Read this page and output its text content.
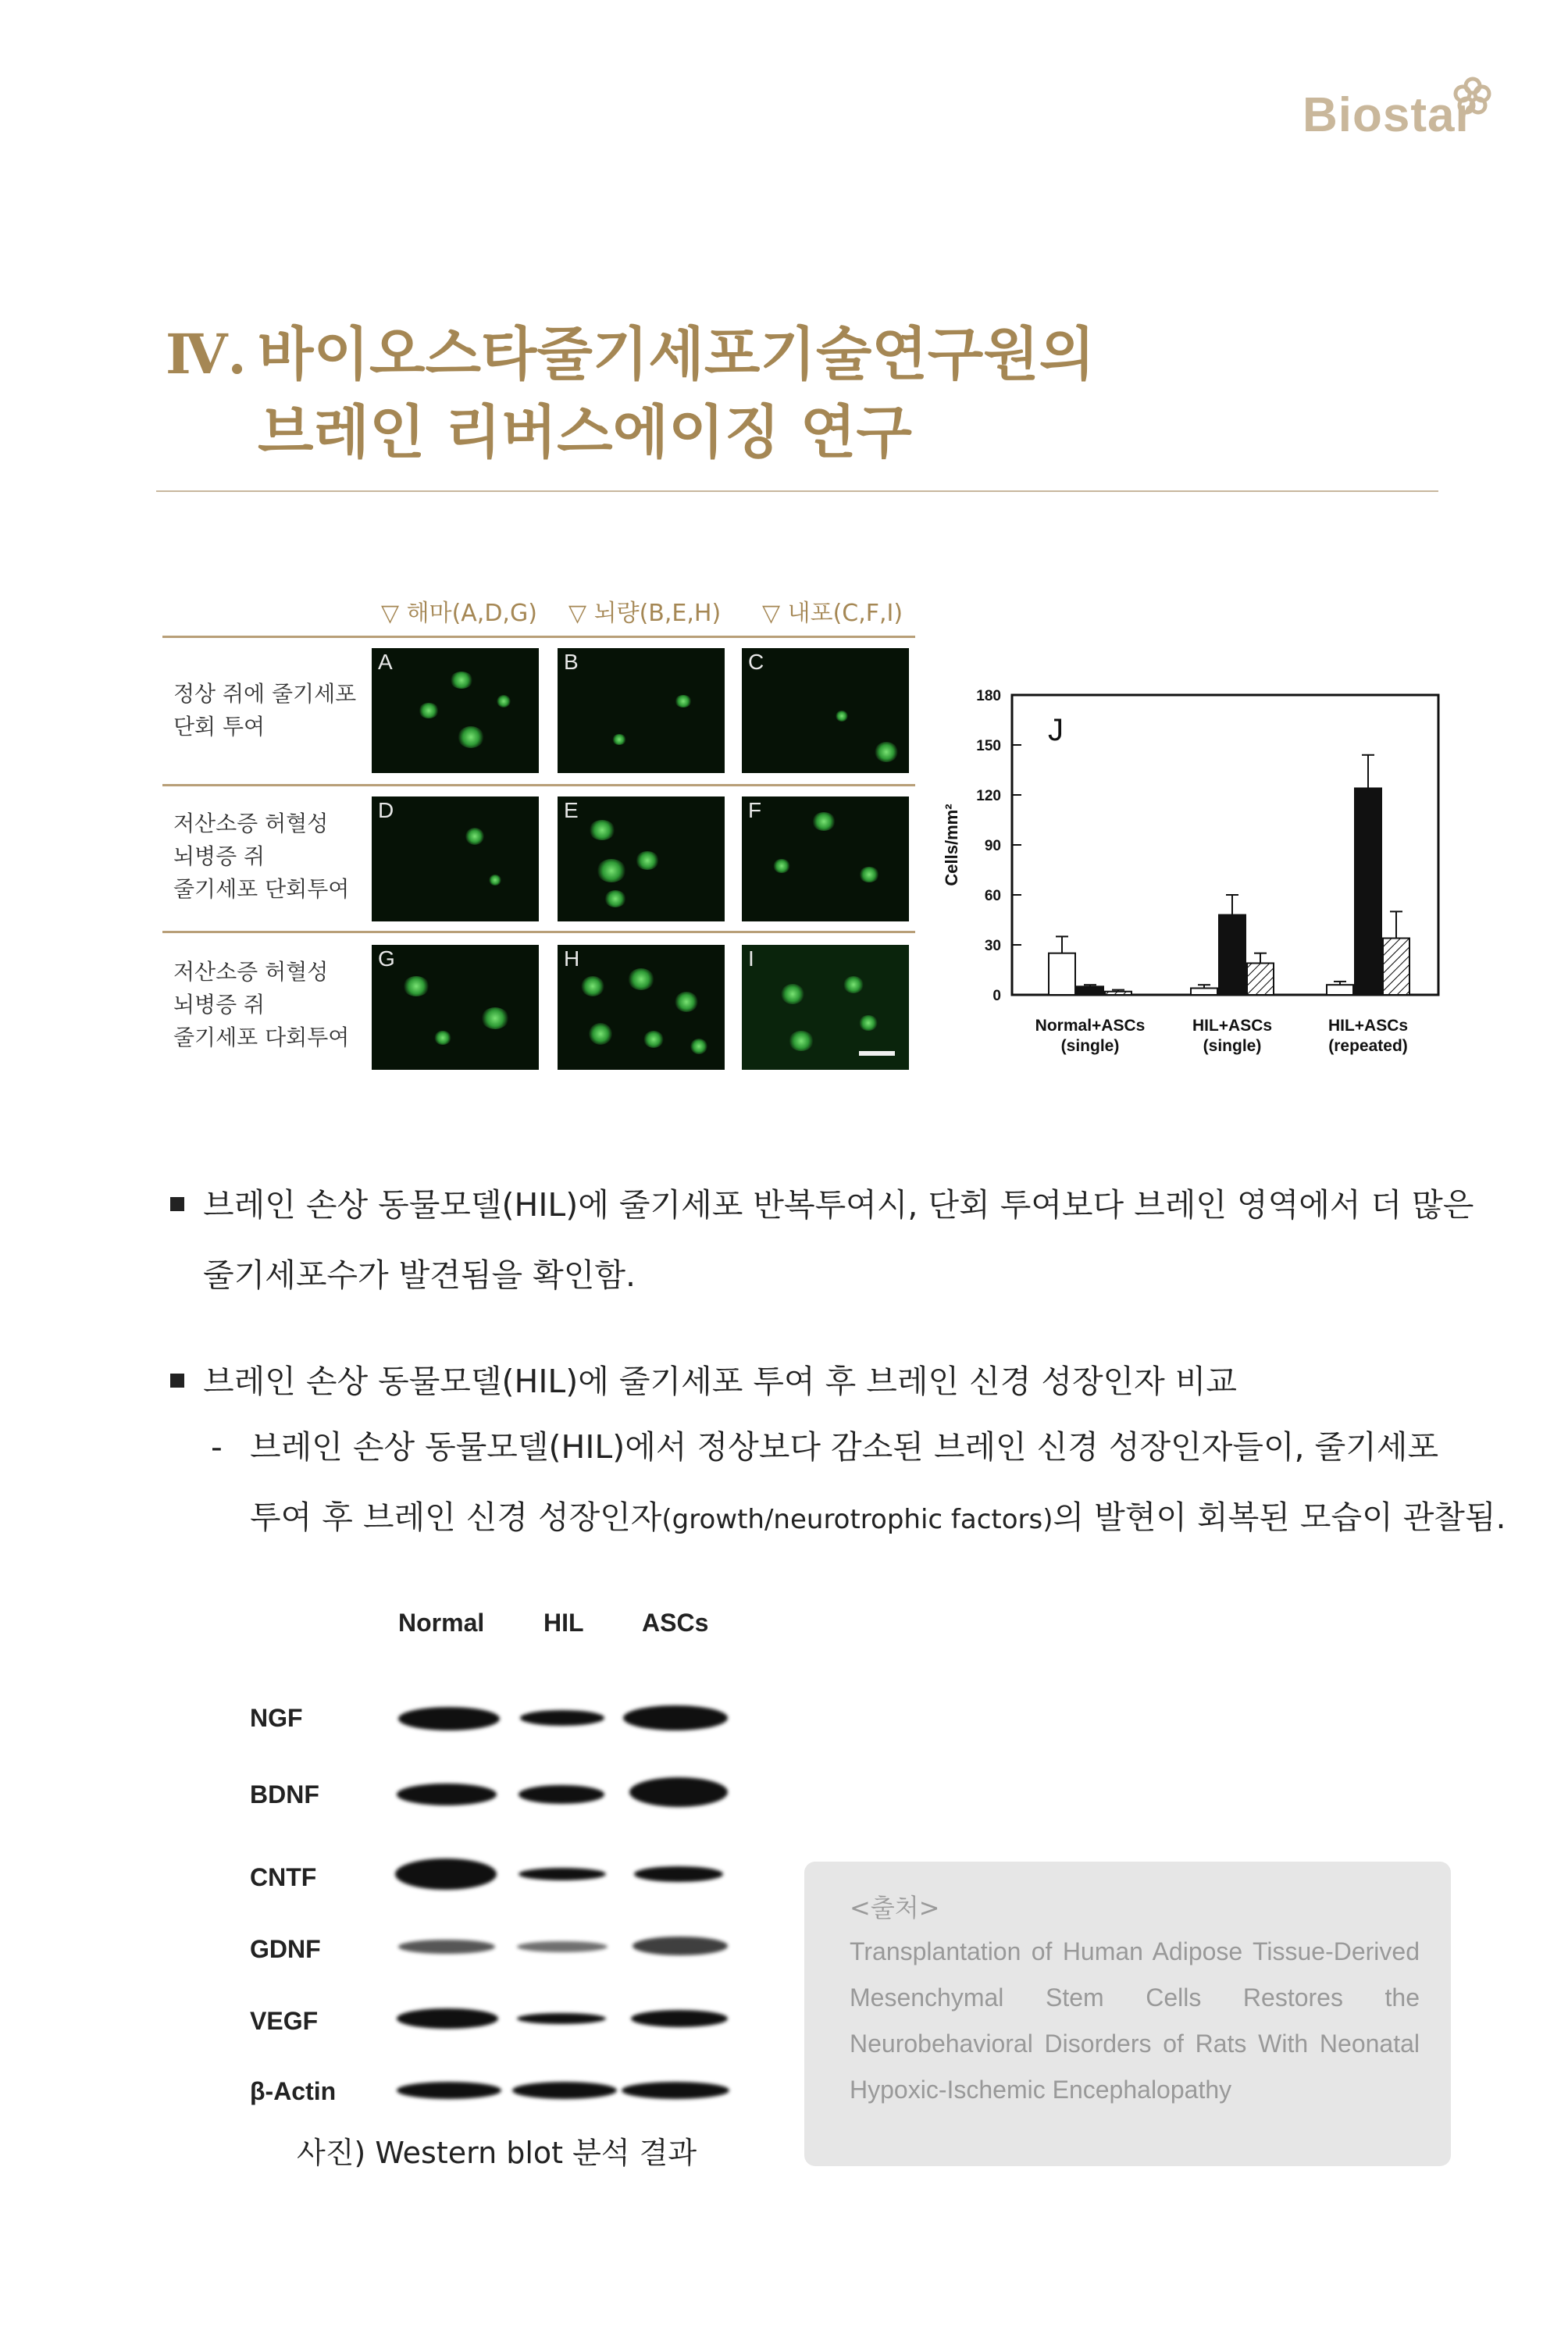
Biostar
Ⅳ. 바이오스타줄기세포기술연구원의
브레인 리버스에이징 연구
▽ 해마(A,D,G) ▽ 뇌량(B,E,H) ▽ 내포(C,F,I)
정상 쥐에 줄기세포
단회 투여
저산소증 허혈성
뇌병증 쥐
줄기세포 단회투여
저산소증 허혈성
뇌병증 쥐
줄기세포 다회투여
A	B	C
D	E	F
G	H	I
0
30
60
90
120
150
180
Cells/mm²
J
Normal+ASCs
(single)
HIL+ASCs
(single)
HIL+ASCs
(repeated)
브레인 손상 동물모델(HIL)에 줄기세포 반복투여시, 단회 투여보다 브레인 영역에서 더 많은
줄기세포수가 발견됨을 확인함.
브레인 손상 동물모델(HIL)에 줄기세포 투여 후 브레인 신경 성장인자 비교
- 브레인 손상 동물모델(HIL)에서 정상보다 감소된 브레인 신경 성장인자들이, 줄기세포
투여 후 브레인 신경 성장인자(growth/neurotrophic factors)의 발현이 회복된 모습이 관찰됨.
Normal HIL ASCs
NGF
BDNF
CNTF
GDNF
VEGF
β-Actin
사진) Western blot 분석 결과
<출처>
Transplantation of Human Adipose Tissue-Derived Mesenchymal Stem Cells Restores the Neurobehavioral Disorders of Rats With Neonatal Hypoxic-Ischemic Encephalopathy
